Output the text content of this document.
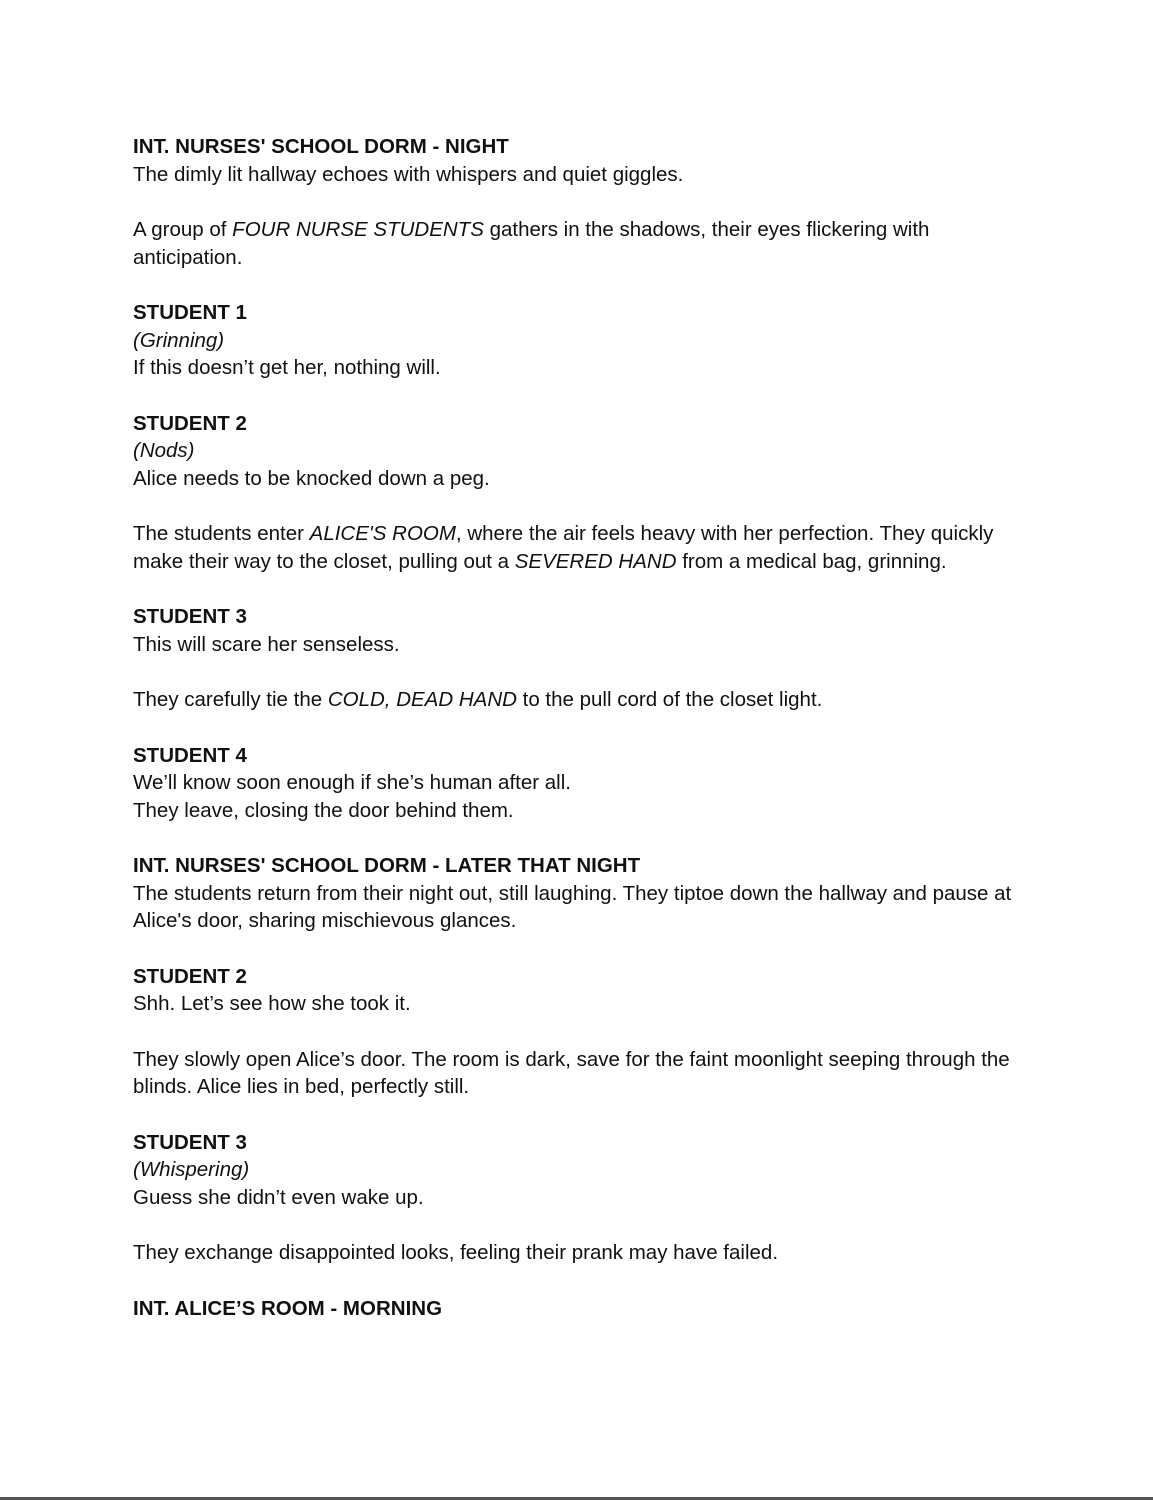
INT. NURSES' SCHOOL DORM - NIGHT

The dimly lit hallway echoes with whispers and quiet giggles.

A group of FOUR NURSE STUDENTS gathers in the shadows, their eyes flickering with anticipation.

STUDENT 1

(Grinning)

If this doesn’t get her, nothing will.

STUDENT 2

(Nods)

Alice needs to be knocked down a peg.

The students enter ALICE'S ROOM, where the air feels heavy with her perfection. They quickly make their way to the closet, pulling out a SEVERED HAND from a medical bag, grinning.

STUDENT 3

This will scare her senseless.

They carefully tie the COLD, DEAD HAND to the pull cord of the closet light.

STUDENT 4

We’ll know soon enough if she’s human after all.

They leave, closing the door behind them.

INT. NURSES' SCHOOL DORM - LATER THAT NIGHT

The students return from their night out, still laughing. They tiptoe down the hallway and pause at Alice's door, sharing mischievous glances.

STUDENT 2

Shh. Let’s see how she took it.

They slowly open Alice’s door. The room is dark, save for the faint moonlight seeping through the blinds. Alice lies in bed, perfectly still.

STUDENT 3

(Whispering)

Guess she didn’t even wake up.

They exchange disappointed looks, feeling their prank may have failed.

INT. ALICE’S ROOM - MORNING
